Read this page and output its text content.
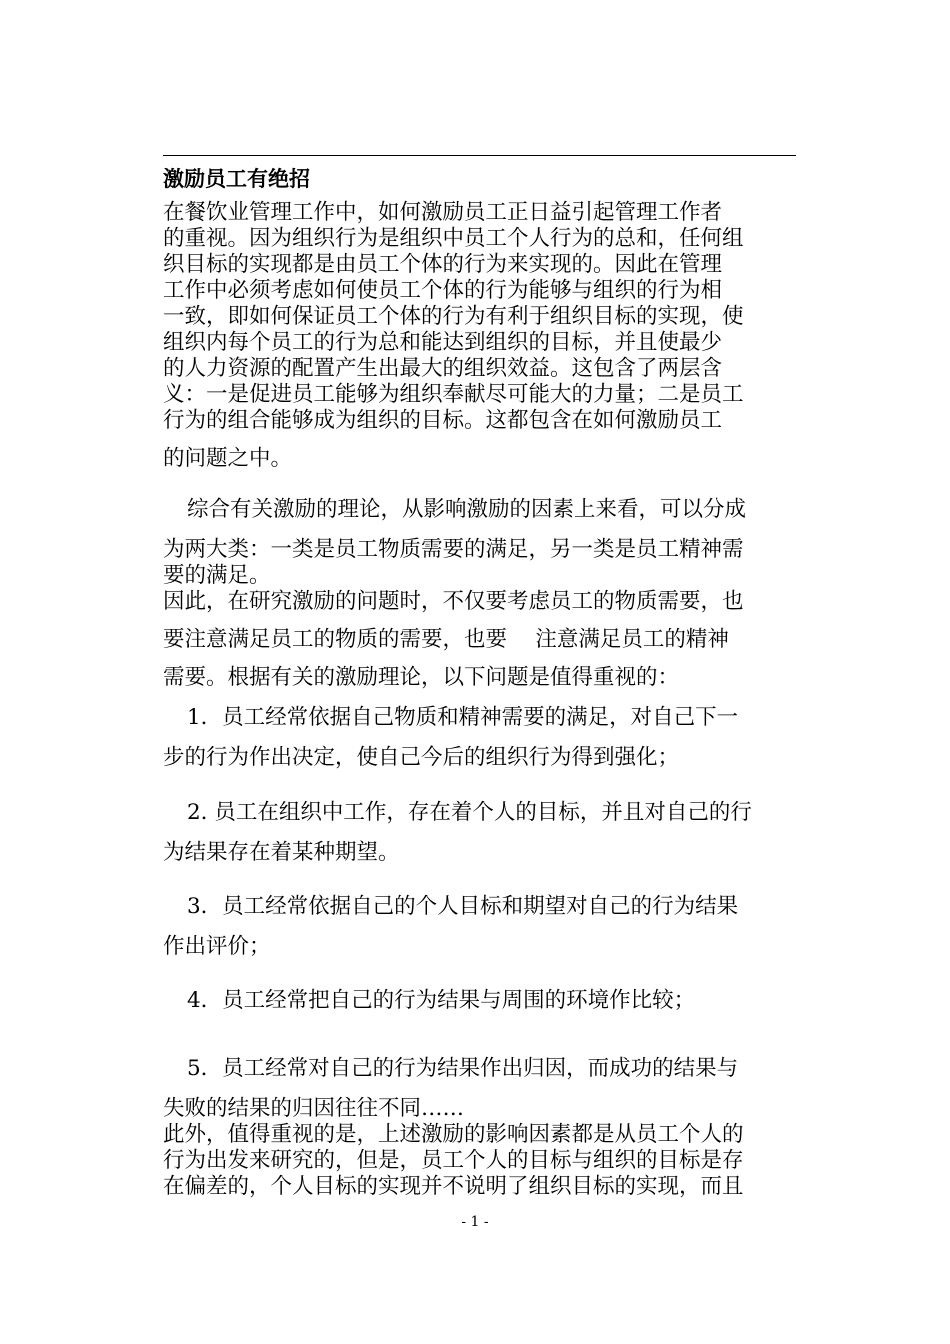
激励员工有绝招
在餐饮业管理工作中，如何激励员工正日益引起管理工作者
的重视。因为组织行为是组织中员工个人行为的总和，任何组
织目标的实现都是由员工个体的行为来实现的。因此在管理
工作中必须考虑如何使员工个体的行为能够与组织的行为相
一致，即如何保证员工个体的行为有利于组织目标的实现，使
组织内每个员工的行为总和能达到组织的目标，并且使最少
的人力资源的配置产生出最大的组织效益。这包含了两层含
义：一是促进员工能够为组织奉献尽可能大的力量；二是员工
行为的组合能够成为组织的目标。这都包含在如何激励员工
的问题之中。
综合有关激励的理论，从影响激励的因素上来看，可以分成
为两大类：一类是员工物质需要的满足，另一类是员工精神需
要的满足。
因此，在研究激励的问题时，不仅要考虑员工的物质需要，也
要注意满足员工的物质的需要，也要　 注意满足员工的精神
需要。根据有关的激励理论，以下问题是值得重视的：
1．员工经常依据自己物质和精神需要的满足，对自己下一
步的行为作出决定，使自己今后的组织行为得到强化；
2. 员工在组织中工作，存在着个人的目标，并且对自己的行
为结果存在着某种期望。
3．员工经常依据自己的个人目标和期望对自己的行为结果
作出评价；
4．员工经常把自己的行为结果与周围的环境作比较；
5．员工经常对自己的行为结果作出归因，而成功的结果与
失败的结果的归因往往不同……
此外，值得重视的是，上述激励的影响因素都是从员工个人的
行为出发来研究的，但是，员工个人的目标与组织的目标是存
在偏差的，个人目标的实现并不说明了组织目标的实现，而且
- 1 -
